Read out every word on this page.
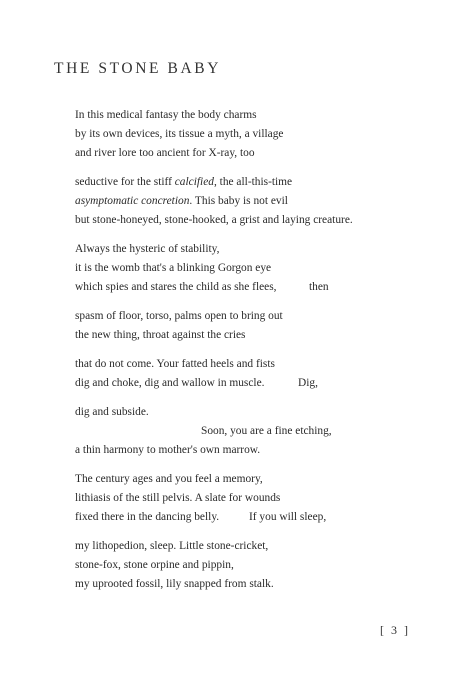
THE STONE BABY

In this medical fantasy the body charms

by its own devices, its tissue a myth, a village

and river lore too ancient for X-ray, too

seductive for the stiff calcified, the all-this-time

asymptomatic concretion. This baby is not evil

but stone-honeyed, stone-hooked, a grist and laying creature.

Always the hysteric of stability,

it is the womb that's a blinking Gorgon eye

which spies and stares the child as she flees,	then

spasm of floor, torso, palms open to bring out

the new thing, throat against the cries

that do not come. Your fatted heels and fists

dig and choke, dig and wallow in muscle.	Dig,

dig and subside.

Soon, you are a fine etching,

a thin harmony to mother's own marrow.

The century ages and you feel a memory,

lithiasis of the still pelvis. A slate for wounds

fixed there in the dancing belly.	If you will sleep,

my lithopedion, sleep. Little stone-cricket,

stone-fox, stone orpine and pippin,

my uprooted fossil, lily snapped from stalk.

[ 3 ]
